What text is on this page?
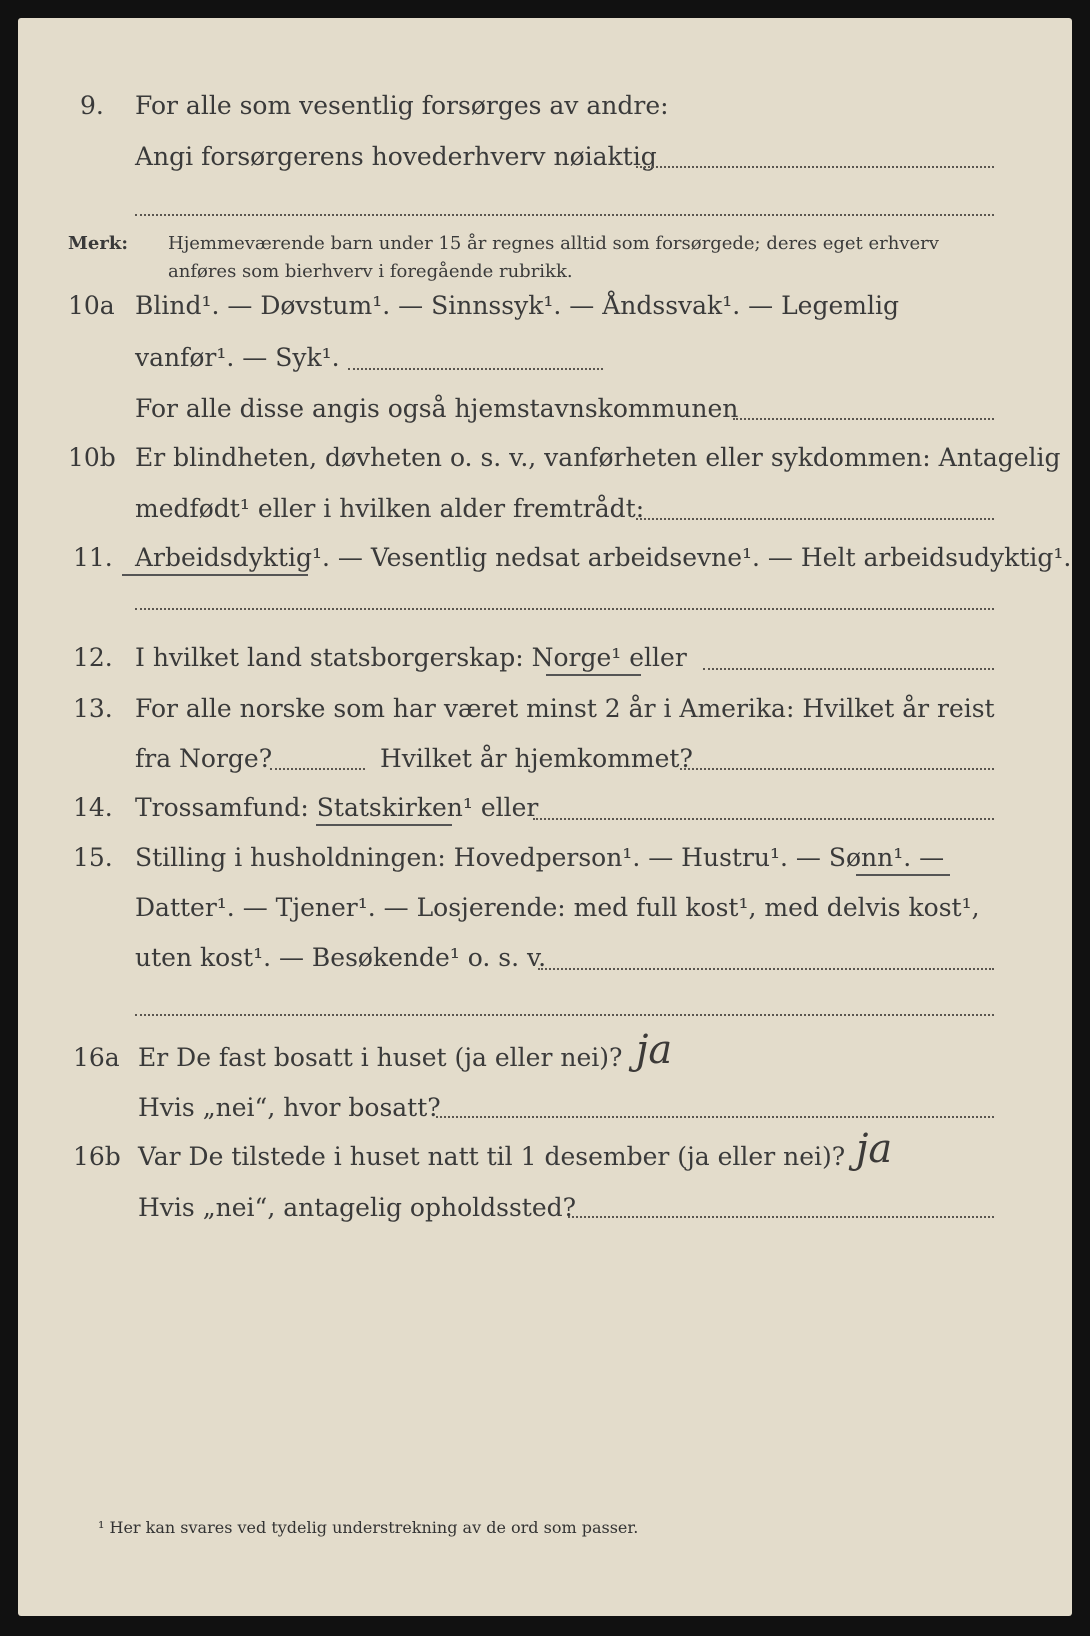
9. For alle som vesentlig forsørges av andre:
Angi forsørgerens hovederhverv nøiaktig
Merk: Hjemmeværende barn under 15 år regnes alltid som forsørgede; deres eget erhverv
anføres som bierhverv i foregående rubrikk.
10a Blind¹. — Døvstum¹. — Sinnssyk¹. — Åndssvak¹. — Legemlig
vanfør¹. — Syk¹.
For alle disse angis også hjemstavnskommunen
10b Er blindheten, døvheten o. s. v., vanførheten eller sykdommen: Antagelig
medfødt¹ eller i hvilken alder fremtrådt:
11. Arbeidsdyktig¹. — Vesentlig nedsat arbeidsevne¹. — Helt arbeidsudyktig¹.
12. I hvilket land statsborgerskap: Norge¹ eller
13. For alle norske som har været minst 2 år i Amerika: Hvilket år reist
fra Norge?	Hvilket år hjemkommet?
14. Trossamfund: Statskirken¹ eller
15. Stilling i husholdningen: Hovedperson¹. — Hustru¹. — Sønn¹. —
Datter¹. — Tjener¹. — Losjerende: med full kost¹, med delvis kost¹,
uten kost¹. — Besøkende¹ o. s. v.
16a Er De fast bosatt i huset (ja eller nei)? ja
Hvis „nei“, hvor bosatt?
16b Var De tilstede i huset natt til 1 desember (ja eller nei)? ja
Hvis „nei“, antagelig opholdssted?
¹ Her kan svares ved tydelig understrekning av de ord som passer.
